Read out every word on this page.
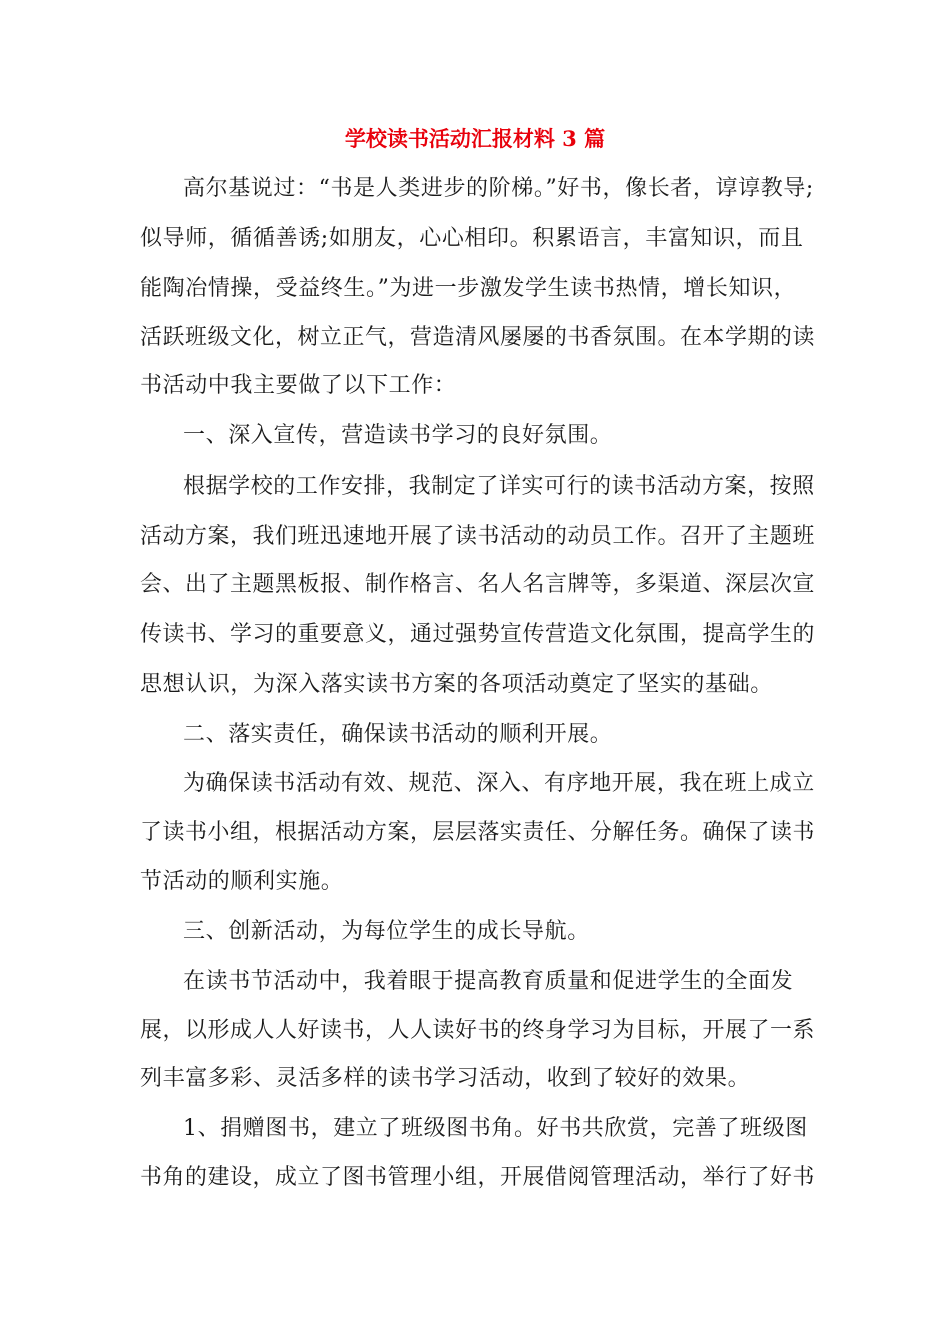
学校读书活动汇报材料 3 篇
高尔基说过：“书是人类进步的阶梯。”好书，像长者，谆谆教导;
似导师，循循善诱;如朋友，心心相印。积累语言，丰富知识，而且
能陶冶情操，受益终生。”为进一步激发学生读书热情，增长知识，
活跃班级文化，树立正气，营造清风屡屡的书香氛围。在本学期的读
书活动中我主要做了以下工作：
一、深入宣传，营造读书学习的良好氛围。
根据学校的工作安排，我制定了详实可行的读书活动方案，按照
活动方案，我们班迅速地开展了读书活动的动员工作。召开了主题班
会、出了主题黑板报、制作格言、名人名言牌等，多渠道、深层次宣
传读书、学习的重要意义，通过强势宣传营造文化氛围，提高学生的
思想认识，为深入落实读书方案的各项活动奠定了坚实的基础。
二、落实责任，确保读书活动的顺利开展。
为确保读书活动有效、规范、深入、有序地开展，我在班上成立
了读书小组，根据活动方案，层层落实责任、分解任务。确保了读书
节活动的顺利实施。
三、创新活动，为每位学生的成长导航。
在读书节活动中，我着眼于提高教育质量和促进学生的全面发
展，以形成人人好读书，人人读好书的终身学习为目标，开展了一系
列丰富多彩、灵活多样的读书学习活动，收到了较好的效果。
1、捐赠图书，建立了班级图书角。好书共欣赏，完善了班级图
书角的建设，成立了图书管理小组，开展借阅管理活动，举行了好书
